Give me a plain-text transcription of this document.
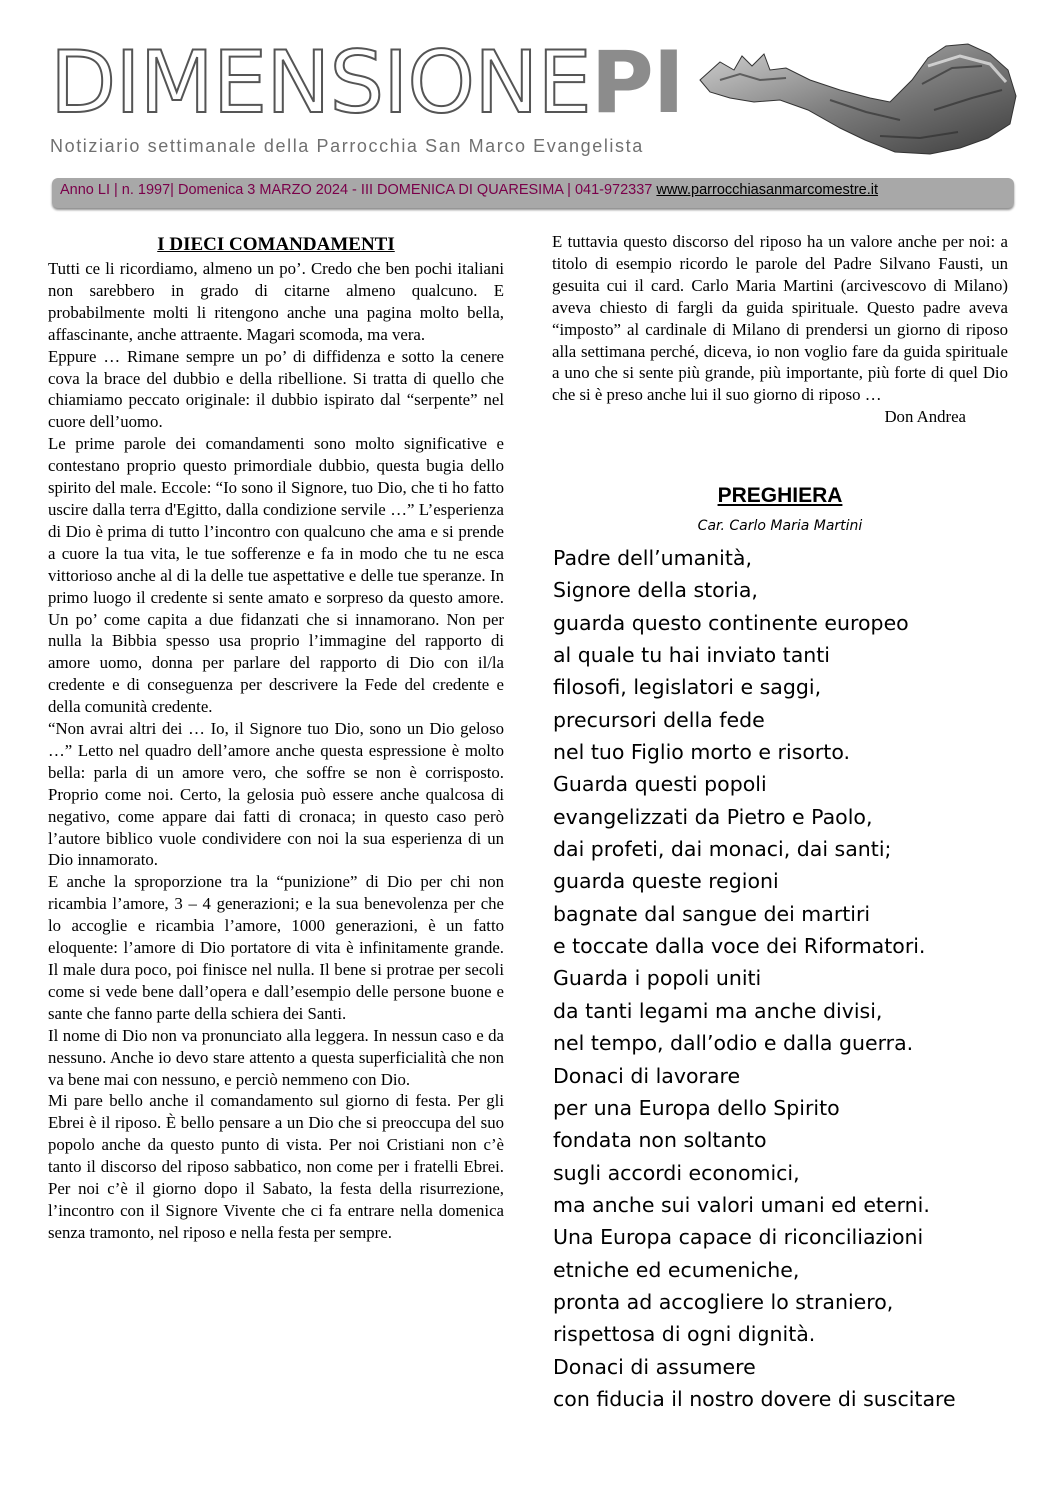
DIMENSIONEPI
Notiziario settimanale della Parrocchia San Marco Evangelista
Anno LI | n. 1997| Domenica 3 MARZO 2024 - III DOMENICA DI QUARESIMA | 041-972337 www.parrocchiasanmarcomestre.it
I DIECI COMANDAMENTI

Tutti ce li ricordiamo, almeno un po’. Credo che ben pochi italiani non sarebbero in grado di citarne almeno qualcuno. E probabilmente molti li ritengono anche una pagina molto bella, affascinante, anche attraente. Magari scomoda, ma vera.

Eppure … Rimane sempre un po’ di diffidenza e sotto la cenere cova la brace del dubbio e della ribellione. Si tratta di quello che chiamiamo peccato originale: il dubbio ispirato dal “serpente” nel cuore dell’uomo.

Le prime parole dei comandamenti sono molto significative e contestano proprio questo primordiale dubbio, questa bugia dello spirito del male. Eccole: “Io sono il Signore, tuo Dio, che ti ho fatto uscire dalla terra d'Egitto, dalla condizione servile …” L’esperienza di Dio è prima di tutto l’incontro con qualcuno che ama e si prende a cuore la tua vita, le tue sofferenze e fa in modo che tu ne esca vittorioso anche al di la delle tue aspettative e delle tue speranze. In primo luogo il credente si sente amato e sorpreso da questo amore. Un po’ come capita a due fidanzati che si innamorano. Non per nulla la Bibbia spesso usa proprio l’immagine del rapporto di amore uomo, donna per parlare del rapporto di Dio con il/la credente e di conseguenza per descrivere la Fede del credente e della comunità credente.

“Non avrai altri dei … Io, il Signore tuo Dio, sono un Dio geloso …” Letto nel quadro dell’amore anche questa espressione è molto bella: parla di un amore vero, che soffre se non è corrisposto. Proprio come noi. Certo, la gelosia può essere anche qualcosa di negativo, come appare dai fatti di cronaca; in questo caso però l’autore biblico vuole condividere con noi la sua esperienza di un Dio innamorato.

E anche la sproporzione tra la “punizione” di Dio per chi non ricambia l’amore, 3 – 4 generazioni; e la sua benevolenza per che lo accoglie e ricambia l’amore, 1000 generazioni, è un fatto eloquente: l’amore di Dio portatore di vita è infinitamente grande. Il male dura poco, poi finisce nel nulla. Il bene si protrae per secoli come si vede bene dall’opera e dall’esempio delle persone buone e sante che fanno parte della schiera dei Santi.

Il nome di Dio non va pronunciato alla leggera. In nessun caso e da nessuno. Anche io devo stare attento a questa superficialità che non va bene mai con nessuno, e perciò nemmeno con Dio.

Mi pare bello anche il comandamento sul giorno di festa. Per gli Ebrei è il riposo. È bello pensare a un Dio che si preoccupa del suo popolo anche da questo punto di vista. Per noi Cristiani non c’è tanto il discorso del riposo sabbatico, non come per i fratelli Ebrei. Per noi c’è il giorno dopo il Sabato, la festa della risurrezione, l’incontro con il Signore Vivente che ci fa entrare nella domenica senza tramonto, nel riposo e nella festa per sempre.

E tuttavia questo discorso del riposo ha un valore anche per noi: a titolo di esempio ricordo le parole del Padre Silvano Fausti, un gesuita cui il card. Carlo Maria Martini (arcivescovo di Milano) aveva chiesto di fargli da guida spirituale. Questo padre aveva “imposto” al cardinale di Milano di prendersi un giorno di riposo alla settimana perché, diceva, io non voglio fare da guida spirituale a uno che si sente più grande, più importante, più forte di quel Dio che si è preso anche lui il suo giorno di riposo …

Don Andrea
PREGHIERA
Car. Carlo Maria Martini
Padre dell’umanità,
Signore della storia,
guarda questo continente europeo
al quale tu hai inviato tanti
filosofi, legislatori e saggi,
precursori della fede
nel tuo Figlio morto e risorto.
Guarda questi popoli
evangelizzati da Pietro e Paolo,
dai profeti, dai monaci, dai santi;
guarda queste regioni
bagnate dal sangue dei martiri
e toccate dalla voce dei Riformatori.
Guarda i popoli uniti
da tanti legami ma anche divisi,
nel tempo, dall’odio e dalla guerra.
Donaci di lavorare
per una Europa dello Spirito
fondata non soltanto
sugli accordi economici,
ma anche sui valori umani ed eterni.
Una Europa capace di riconciliazioni
etniche ed ecumeniche,
pronta ad accogliere lo straniero,
rispettosa di ogni dignità.
Donaci di assumere
con fiducia il nostro dovere di suscitare
